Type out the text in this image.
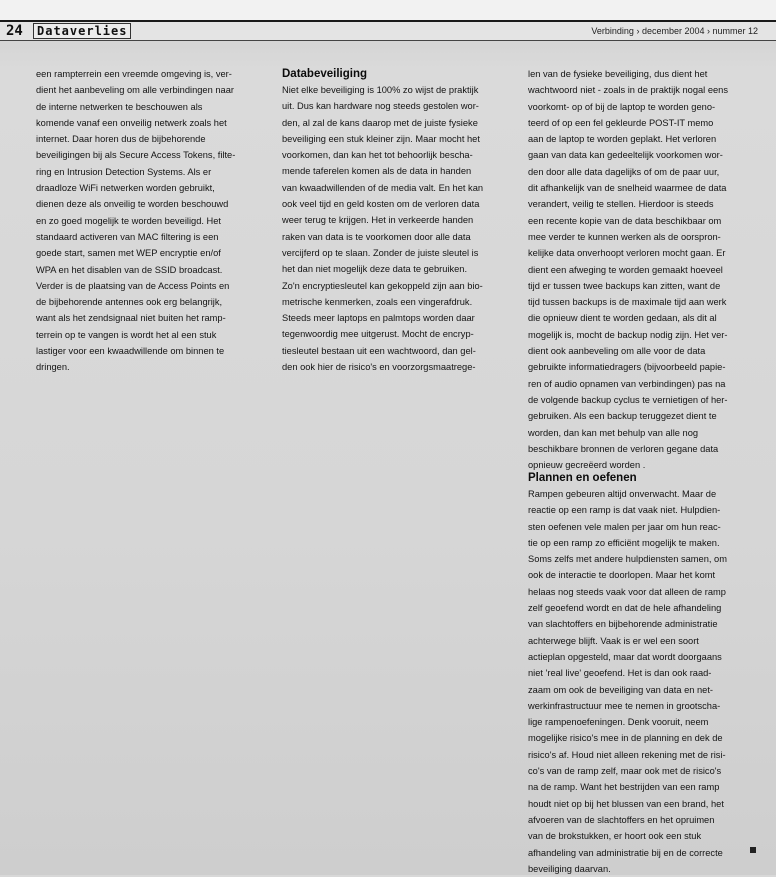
24	Dataverlies	Verbinding › december 2004 › nummer 12

een rampterrein een vreemde omgeving is, ver-
dient het aanbeveling om alle verbindingen naar
de interne netwerken te beschouwen als
komende vanaf een onveilig netwerk zoals het
internet. Daar horen dus de bijbehorende
beveiligingen bij als Secure Access Tokens, filte-
ring en Intrusion Detection Systems. Als er
draadloze WiFi netwerken worden gebruikt,
dienen deze als onveilig te worden beschouwd
en zo goed mogelijk te worden beveiligd. Het
standaard activeren van MAC filtering is een
goede start, samen met WEP encryptie en/of
WPA en het disablen van de SSID broadcast.
Verder is de plaatsing van de Access Points en
de bijbehorende antennes ook erg belangrijk,
want als het zendsignaal niet buiten het ramp-
terrein op te vangen is wordt het al een stuk
lastiger voor een kwaadwillende om binnen te
dringen.

Databeveiliging

Niet elke beveiliging is 100% zo wijst de praktijk
uit. Dus kan hardware nog steeds gestolen wor-
den, al zal de kans daarop met de juiste fysieke
beveiliging een stuk kleiner zijn. Maar mocht het
voorkomen, dan kan het tot behoorlijk bescha-
mende taferelen komen als de data in handen
van kwaadwillenden of de media valt. En het kan
ook veel tijd en geld kosten om de verloren data
weer terug te krijgen. Het in verkeerde handen
raken van data is te voorkomen door alle data
vercijferd op te slaan. Zonder de juiste sleutel is
het dan niet mogelijk deze data te gebruiken.
Zo'n encryptiesleutel kan gekoppeld zijn aan bio-
metrische kenmerken, zoals een vingerafdruk.
Steeds meer laptops en palmtops worden daar
tegenwoordig mee uitgerust. Mocht de encryp-
tiesleutel bestaan uit een wachtwoord, dan gel-
den ook hier de risico's en voorzorgsmaatrege-

len van de fysieke beveiliging, dus dient het
wachtwoord niet - zoals in de praktijk nogal eens
voorkomt- op of bij de laptop te worden geno-
teerd of op een fel gekleurde POST-IT memo
aan de laptop te worden geplakt. Het verloren
gaan van data kan gedeeltelijk voorkomen wor-
den door alle data dagelijks of om de paar uur,
dit afhankelijk van de snelheid waarmee de data
verandert, veilig te stellen. Hierdoor is steeds
een recente kopie van de data beschikbaar om
mee verder te kunnen werken als de oorspron-
kelijke data onverhoopt verloren mocht gaan. Er
dient een afweging te worden gemaakt hoeveel
tijd er tussen twee backups kan zitten, want de
tijd tussen backups is de maximale tijd aan werk
die opnieuw dient te worden gedaan, als dit al
mogelijk is, mocht de backup nodig zijn. Het ver-
dient ook aanbeveling om alle voor de data
gebruikte informatiedragers (bijvoorbeeld papie-
ren of audio opnamen van verbindingen) pas na
de volgende backup cyclus te vernietigen of her-
gebruiken. Als een backup teruggezet dient te
worden, dan kan met behulp van alle nog
beschikbare bronnen de verloren gegane data
opnieuw gecreëerd worden .

Plannen en oefenen

Rampen gebeuren altijd onverwacht. Maar de
reactie op een ramp is dat vaak niet. Hulpdien-
sten oefenen vele malen per jaar om hun reac-
tie op een ramp zo efficiënt mogelijk te maken.
Soms zelfs met andere hulpdiensten samen, om
ook de interactie te doorlopen. Maar het komt
helaas nog steeds vaak voor dat alleen de ramp
zelf geoefend wordt en dat de hele afhandeling
van slachtoffers en bijbehorende administratie
achterwege blijft. Vaak is er wel een soort
actieplan opgesteld, maar dat wordt doorgaans
niet 'real live' geoefend. Het is dan ook raad-
zaam om ook de beveiliging van data en net-
werkinfrastructuur mee te nemen in grootscha-
lige rampenoefeningen. Denk vooruit, neem
mogelijke risico's mee in de planning en dek de
risico's af. Houd niet alleen rekening met de risi-
co's van de ramp zelf, maar ook met de risico's
na de ramp. Want het bestrijden van een ramp
houdt niet op bij het blussen van een brand, het
afvoeren van de slachtoffers en het opruimen
van de brokstukken, er hoort ook een stuk
afhandeling van administratie bij en de correcte
beveiliging daarvan.
